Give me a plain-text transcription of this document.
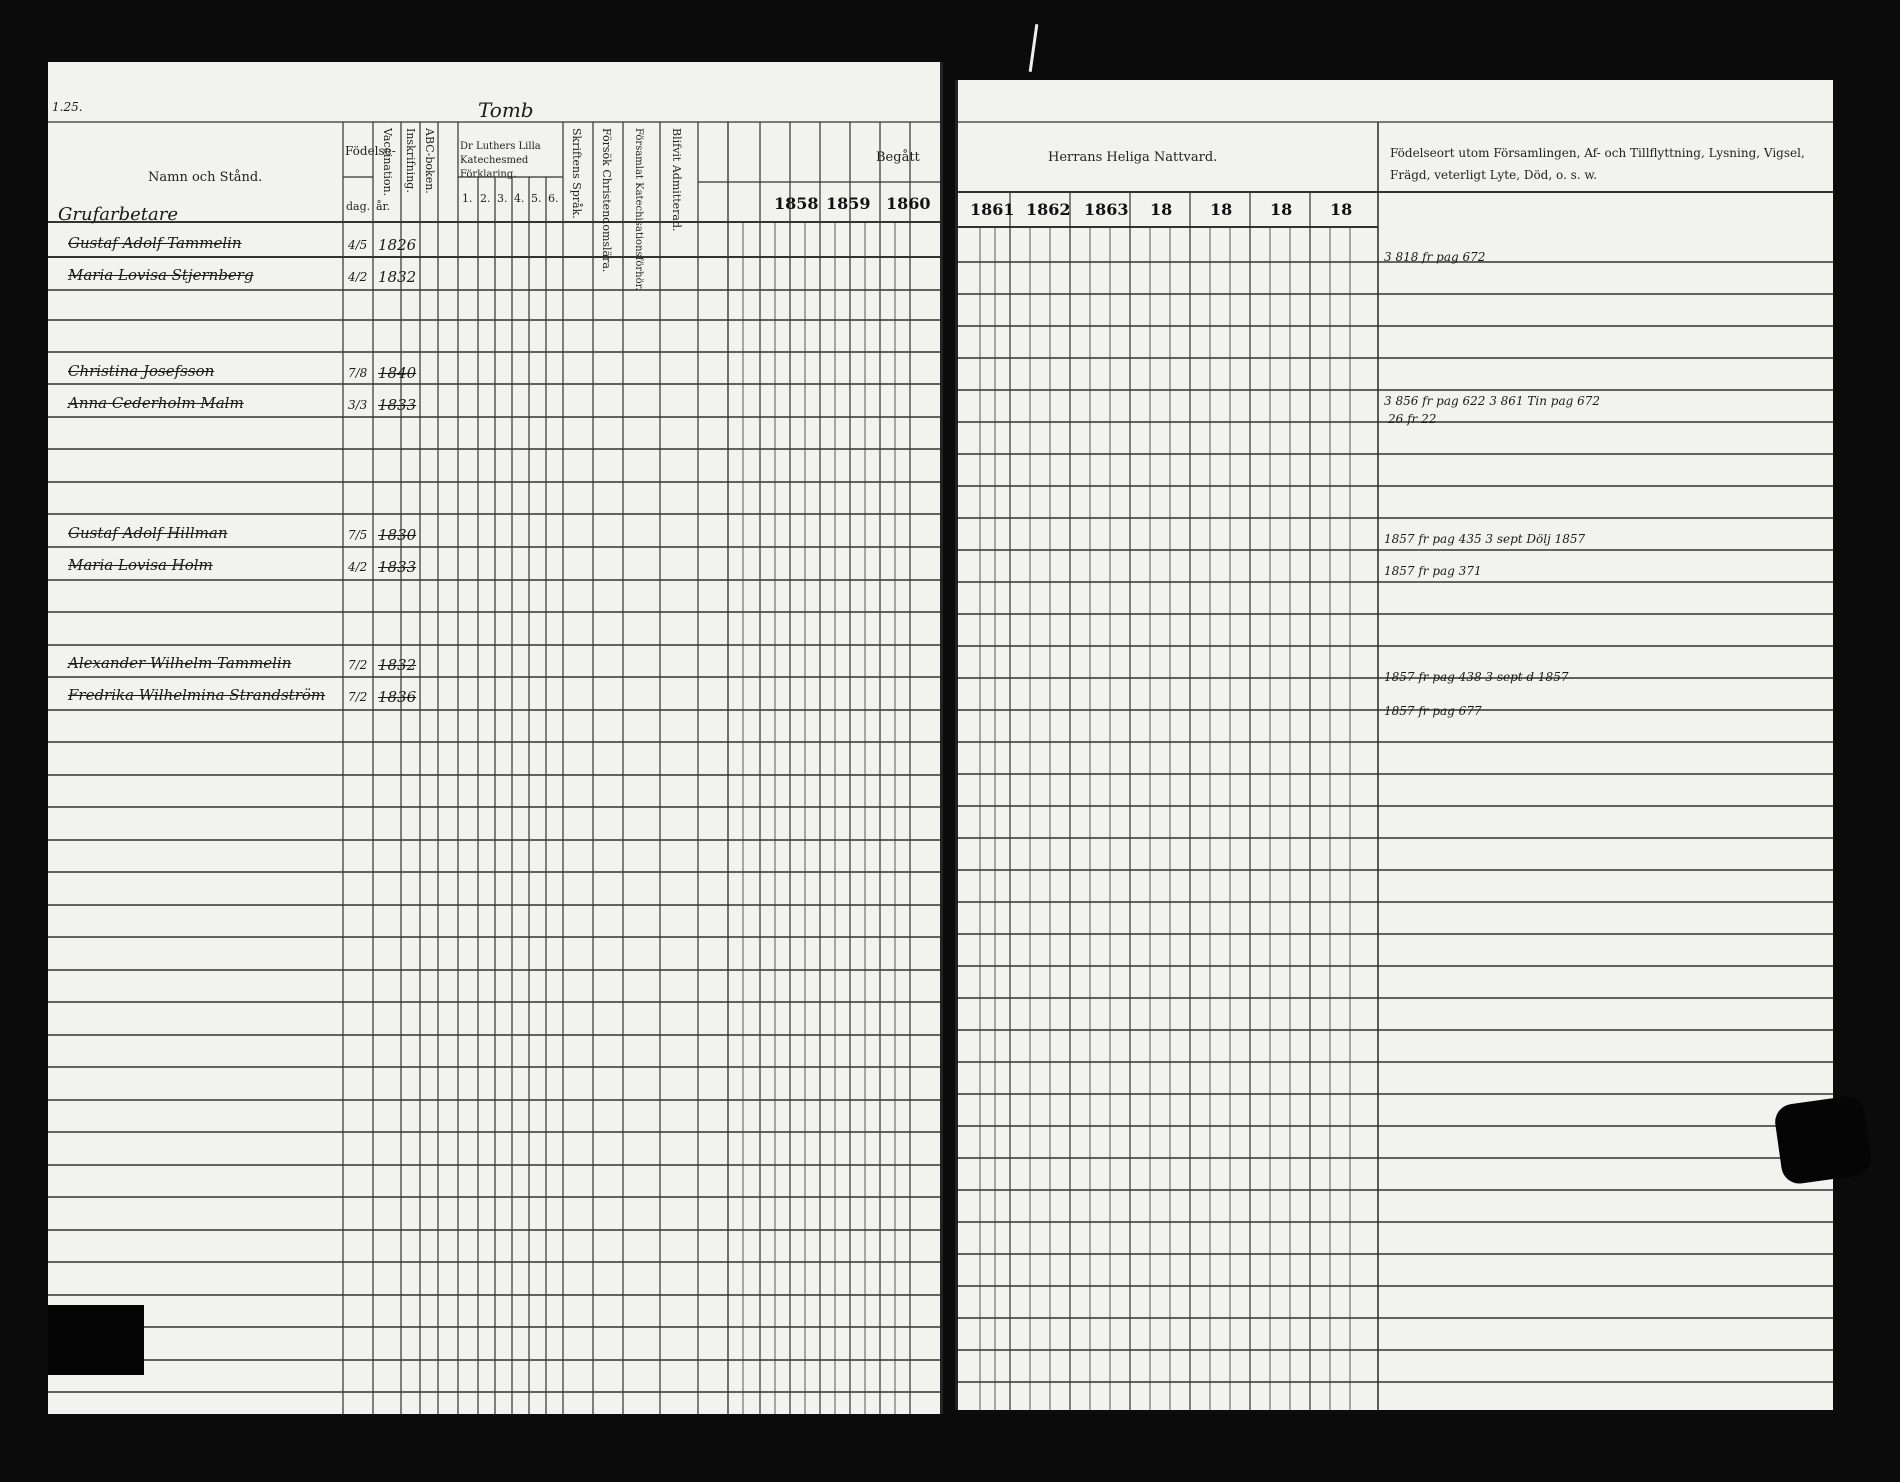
1.25.	Tomb
Namn och Stånd.
Födelse-
dag. år.
Vaccination. Inskrifning. ABC-boken. Dr Luthers Lilla Katechesmed Förklaring.
1. 2. 3. 4. 5. 6. Skriftens Språk. Försök Christendomslära. Församlat Katechisationsförhör. Blifvit Admitterad.	Begått
1858 1859 1860
Grufarbetare
Gustaf Adolf Tammelin	4/5 1826
Maria Lovisa Stjernberg	4/2 1832
Christina Josefsson	7/8 1840
Anna Cederholm Malm	3/3 1833
Gustaf Adolf Hillman	7/5 1830
Maria Lovisa Holm	4/2 1833
Alexander Wilhelm Tammelin	7/2 1832
Fredrika Wilhelmina Strandström 7/2 1836
Herrans Heliga Nattvard.	Födelseort utom Församlingen, Af- och Tillflyttning, Lysning, Vigsel, Frägd, veterligt Lyte, Död, o. s. w.
1861 1862 1863 18 18 18 18
3 818 fr pag 672
3 856 fr pag 622 3 861 Tin pag 672
26 fr 22
1857 fr pag 435 3 sept Dölj 1857
1857 fr pag 371
1857 fr pag 438 3 sept d 1857
1857 fr pag 677
